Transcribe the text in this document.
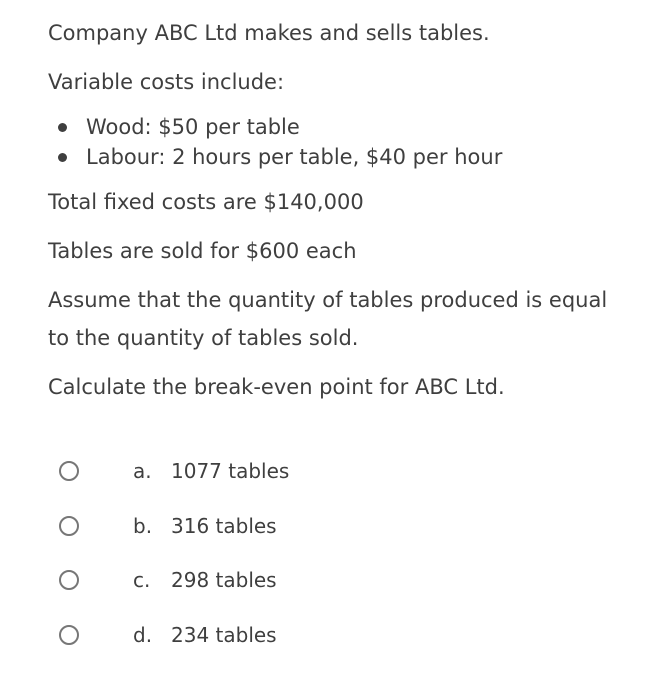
Company ABC Ltd makes and sells tables.

Variable costs include:

Wood: $50 per table
Labour: 2 hours per table, $40 per hour

Total fixed costs are $140,000

Tables are sold for $600 each

Assume that the quantity of tables produced is equal to the quantity of tables sold.

Calculate the break-even point for ABC Ltd.

a. 1077 tables
b. 316 tables
c. 298 tables
d. 234 tables
